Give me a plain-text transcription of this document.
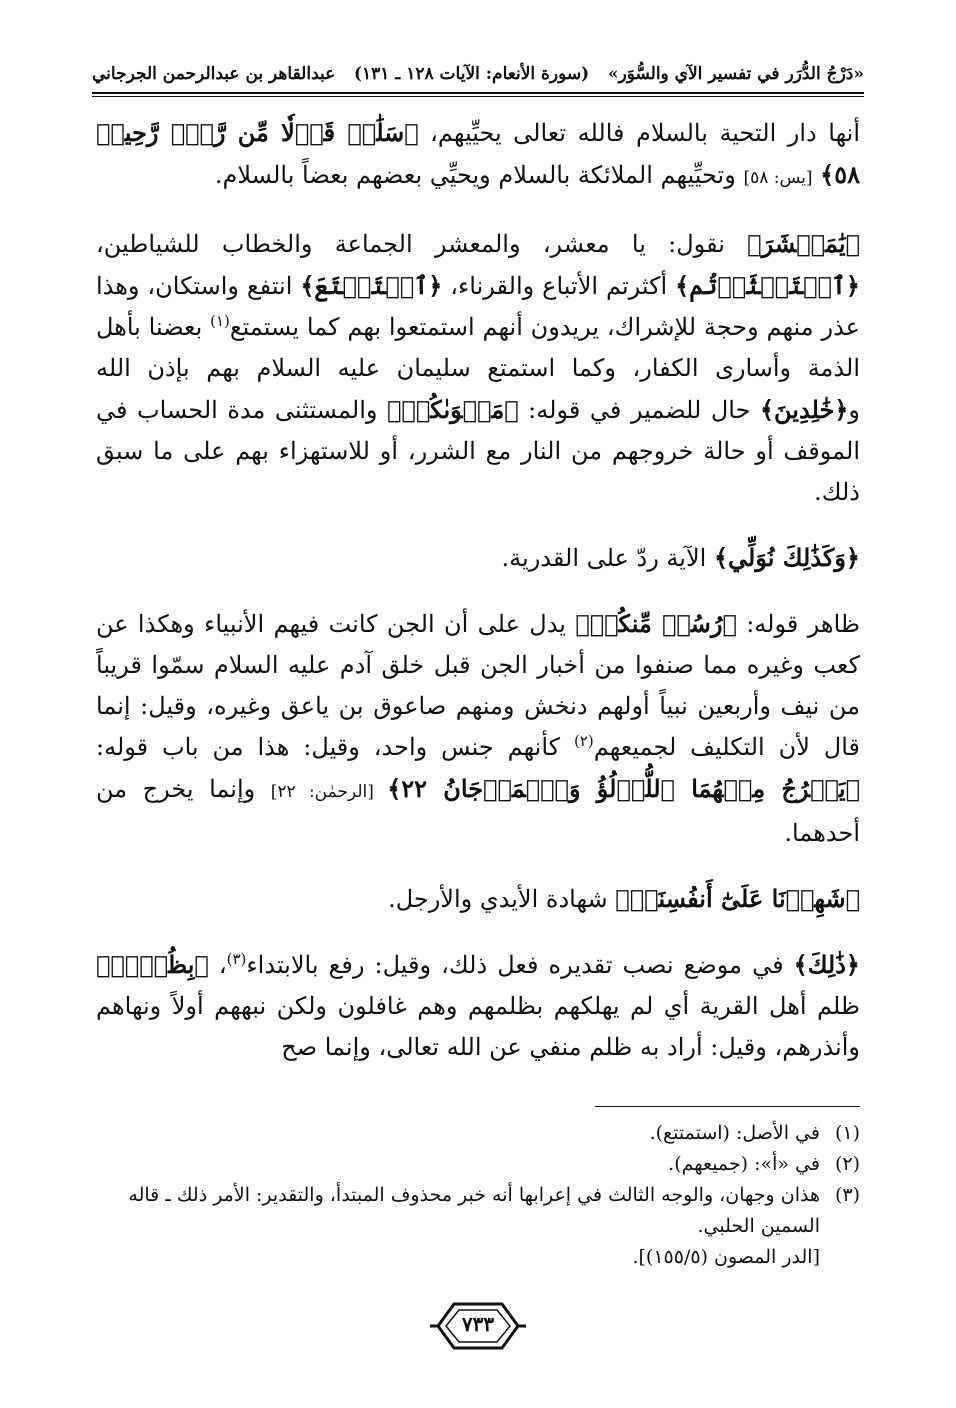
«دَرْجُ الدُّرَر في تفسير الآي والسُّوَر»
(سورة الأنعام: الآيات ١٢٨ ـ ١٣١)
عبدالقاهر بن عبدالرحمن الجرجاني

أنها دار التحية بالسلام فالله تعالى يحيِّيهم، ﴿سَلَٰمٞ قَوۡلٗا مِّن رَّبّٖ رَّحِيمٖ ٥٨﴾ [يس: ٥٨] وتحيِّيهم الملائكة بالسلام ويحيِّي بعضهم بعضاً بالسلام.

﴿يَٰمَعۡشَرَ﴾ نقول: يا معشر، والمعشر الجماعة والخطاب للشياطين، ﴿ٱسۡتَكۡثَرۡتُم﴾ أكثرتم الأتباع والقرناء، ﴿ٱسۡتَمۡتَعَ﴾ انتفع واستكان، وهذا عذر منهم وحجة للإشراك، يريدون أنهم استمتعوا بهم كما يستمتع$^{(١)}$ بعضنا بأهل الذمة وأسارى الكفار، وكما استمتع سليمان عليه السلام بهم بإذن الله و﴿خَٰلِدِينَ﴾ حال للضمير في قوله: ﴿مَثۡوَىٰكُمۡ﴾ والمستثنى مدة الحساب في الموقف أو حالة خروجهم من النار مع الشرر، أو للاستهزاء بهم على ما سبق ذلك.

﴿وَكَذَٰلِكَ نُوَلِّي﴾ الآية ردّ على القدرية.

ظاهر قوله: ﴿رُسُلٞ مِّنكُمۡ﴾ يدل على أن الجن كانت فيهم الأنبياء وهكذا عن كعب وغيره مما صنفوا من أخبار الجن قبل خلق آدم عليه السلام سمّوا قريباً من نيف وأربعين نبياً أولهم دنخش ومنهم صاعوق بن ياعق وغيره، وقيل: إنما قال لأن التكليف لجميعهم$^{(٢)}$ كأنهم جنس واحد، وقيل: هذا من باب قوله: ﴿يَخۡرُجُ مِنۡهُمَا ٱللُّؤۡلُؤُ وَٱلۡمَرۡجَانُ ٢٢﴾ [الرحمٰن: ٢٢] وإنما يخرج من أحدهما.

﴿شَهِدۡنَا عَلَىٰٓ أَنفُسِنَاۖ﴾ شهادة الأيدي والأرجل.

﴿ذَٰلِكَ﴾ في موضع نصب تقديره فعل ذلك، وقيل: رفع بالابتداء$^{(٣)}$، ﴿بِظُلۡمٖ﴾ ظلم أهل القرية أي لم يهلكهم بظلمهم وهم غافلون ولكن نبههم أولاً ونهاهم وأنذرهم، وقيل: أراد به ظلم منفي عن الله تعالى، وإنما صح

(١)
في الأصل: (استمتتع).
(٢)
في «أ»: (جميعهم).
(٣)
هذان وجهان، والوجه الثالث في إعرابها أنه خبر محذوف المبتدأ، والتقدير: الأمر ذلك ـ قاله السمين الحلبي.
[الدر المصون (١٥٥/٥)].
٧٣٣
